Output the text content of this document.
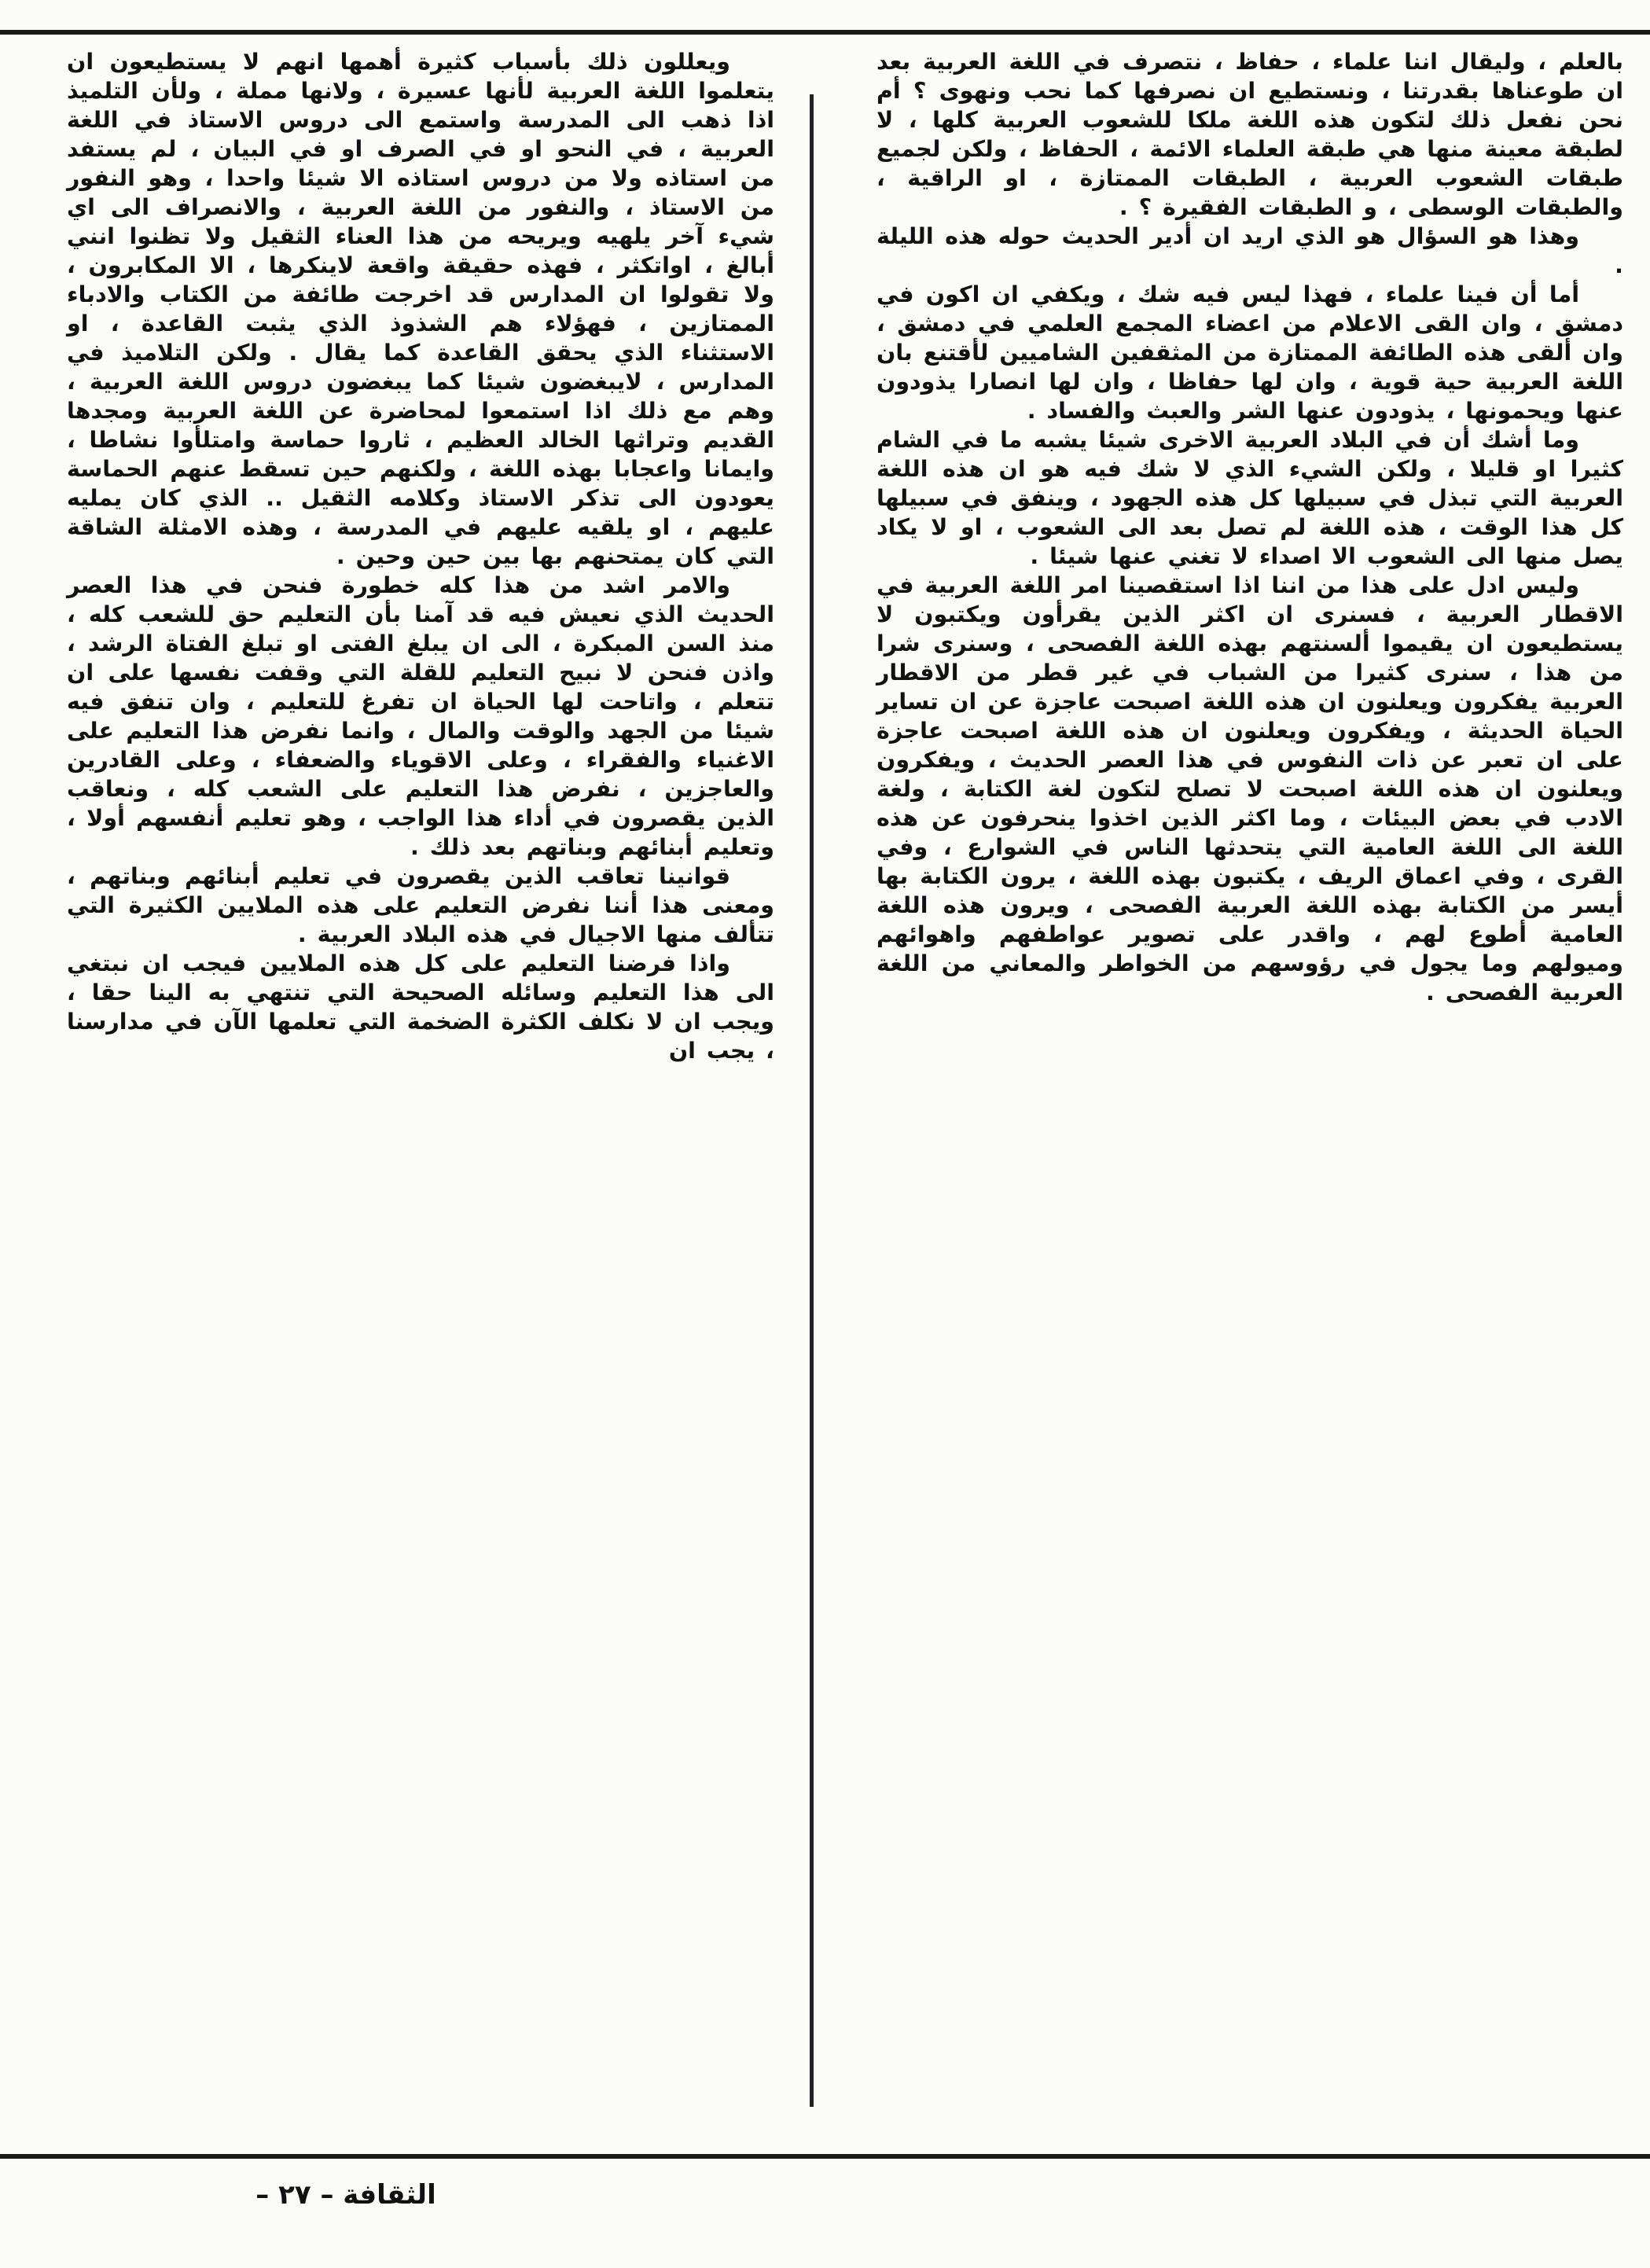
بالعلم ، وليقال اننا علماء ، حفاظ ، نتصرف في اللغة العربية بعد ان طوعناها بقدرتنا ، ونستطيع ان نصرفها كما نحب ونهوى ؟ أم نحن نفعل ذلك لتكون هذه اللغة ملكا للشعوب العربية كلها ، لا لطبقة معينة منها هي طبقة العلماء الائمة ، الحفاظ ، ولكن لجميع طبقات الشعوب العربية ، الطبقات الممتازة ، او الراقية ، والطبقات الوسطى ، و الطبقات الفقيرة ؟ .

وهذا هو السؤال هو الذي اريد ان أدير الحديث حوله هذه الليلة .

أما أن فينا علماء ، فهذا ليس فيه شك ، ويكفي ان اكون في دمشق ، وان القى الاعلام من اعضاء المجمع العلمي في دمشق ، وان ألقى هذه الطائفة الممتازة من المثقفين الشاميين لأقتنع بان اللغة العربية حية قوية ، وان لها حفاظا ، وان لها انصارا يذودون عنها ويحمونها ، يذودون عنها الشر والعبث والفساد .

وما أشك أن في البلاد العربية الاخرى شيئا يشبه ما في الشام كثيرا او قليلا ، ولكن الشيء الذي لا شك فيه هو ان هذه اللغة العربية التي تبذل في سبيلها كل هذه الجهود ، وينفق في سبيلها كل هذا الوقت ، هذه اللغة لم تصل بعد الى الشعوب ، او لا يكاد يصل منها الى الشعوب الا اصداء لا تغني عنها شيئا .

وليس ادل على هذا من اننا اذا استقصينا امر اللغة العربية في الاقطار العربية ، فسنرى ان اكثر الذين يقرأون ويكتبون لا يستطيعون ان يقيموا ألسنتهم بهذه اللغة الفصحى ، وسنرى شرا من هذا ، سنرى كثيرا من الشباب في غير قطر من الاقطار العربية يفكرون ويعلنون ان هذه اللغة اصبحت عاجزة عن ان تساير الحياة الحديثة ، ويفكرون ويعلنون ان هذه اللغة اصبحت عاجزة على ان تعبر عن ذات النفوس في هذا العصر الحديث ، ويفكرون ويعلنون ان هذه اللغة اصبحت لا تصلح لتكون لغة الكتابة ، ولغة الادب في بعض البيئات ، وما اكثر الذين اخذوا ينحرفون عن هذه اللغة الى اللغة العامية التي يتحدثها الناس في الشوارع ، وفي القرى ، وفي اعماق الريف ، يكتبون بهذه اللغة ، يرون الكتابة بها أيسر من الكتابة بهذه اللغة العربية الفصحى ، ويرون هذه اللغة العامية أطوع لهم ، واقدر على تصوير عواطفهم واهوائهم وميولهم وما يجول في رؤوسهم من الخواطر والمعاني من اللغة العربية الفصحى .

ويعللون ذلك بأسباب كثيرة أهمها انهم لا يستطيعون ان يتعلموا اللغة العربية لأنها عسيرة ، ولانها مملة ، ولأن التلميذ اذا ذهب الى المدرسة واستمع الى دروس الاستاذ في اللغة العربية ، في النحو او في الصرف او في البيان ، لم يستفد من استاذه ولا من دروس استاذه الا شيئا واحدا ، وهو النفور من الاستاذ ، والنفور من اللغة العربية ، والانصراف الى اي شيء آخر يلهيه ويريحه من هذا العناء الثقيل ولا تظنوا انني أبالغ ، اواتكثر ، فهذه حقيقة واقعة لاينكرها ، الا المكابرون ، ولا تقولوا ان المدارس قد اخرجت طائفة من الكتاب والادباء الممتازين ، فهؤلاء هم الشذوذ الذي يثبت القاعدة ، او الاستثناء الذي يحقق القاعدة كما يقال . ولكن التلاميذ في المدارس ، لايبغضون شيئا كما يبغضون دروس اللغة العربية ، وهم مع ذلك اذا استمعوا لمحاضرة عن اللغة العربية ومجدها القديم وتراثها الخالد العظيم ، ثاروا حماسة وامتلأوا نشاطا ، وايمانا واعجابا بهذه اللغة ، ولكنهم حين تسقط عنهم الحماسة يعودون الى تذكر الاستاذ وكلامه الثقيل .. الذي كان يمليه عليهم ، او يلقيه عليهم في المدرسة ، وهذه الامثلة الشاقة التي كان يمتحنهم بها بين حين وحين .

والامر اشد من هذا كله خطورة فنحن في هذا العصر الحديث الذي نعيش فيه قد آمنا بأن التعليم حق للشعب كله ، منذ السن المبكرة ، الى ان يبلغ الفتى او تبلغ الفتاة الرشد ، واذن فنحن لا نبيح التعليم للقلة التي وقفت نفسها على ان تتعلم ، واتاحت لها الحياة ان تفرغ للتعليم ، وان تنفق فيه شيئا من الجهد والوقت والمال ، وانما نفرض هذا التعليم على الاغنياء والفقراء ، وعلى الاقوياء والضعفاء ، وعلى القادرين والعاجزين ، نفرض هذا التعليم على الشعب كله ، ونعاقب الذين يقصرون في أداء هذا الواجب ، وهو تعليم أنفسهم أولا ، وتعليم أبنائهم وبناتهم بعد ذلك .

قوانينا تعاقب الذين يقصرون في تعليم أبنائهم وبناتهم ، ومعنى هذا أننا نفرض التعليم على هذه الملايين الكثيرة التي تتألف منها الاجيال في هذه البلاد العربية .

واذا فرضنا التعليم على كل هذه الملايين فيجب ان نبتغي الى هذا التعليم وسائله الصحيحة التي تنتهي به الينا حقا ، ويجب ان لا نكلف الكثرة الضخمة التي تعلمها الآن في مدارسنا ، يجب ان

الثقافة – ٢٧ –
